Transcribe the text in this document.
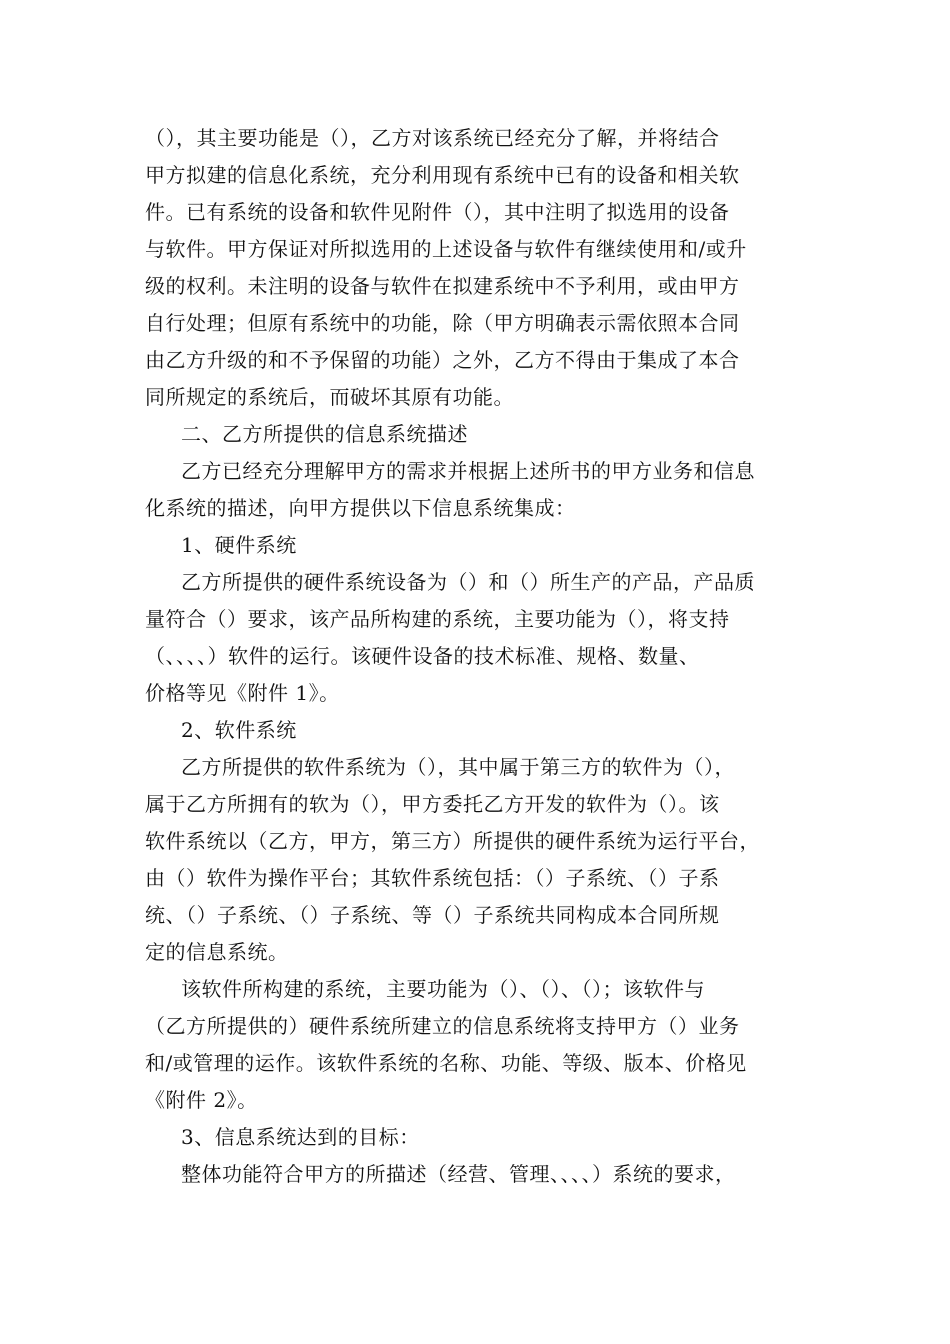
（），其主要功能是（），乙方对该系统已经充分了解，并将结合
甲方拟建的信息化系统，充分利用现有系统中已有的设备和相关软
件。已有系统的设备和软件见附件（），其中注明了拟选用的设备
与软件。甲方保证对所拟选用的上述设备与软件有继续使用和/或升
级的权利。未注明的设备与软件在拟建系统中不予利用，或由甲方
自行处理；但原有系统中的功能，除（甲方明确表示需依照本合同
由乙方升级的和不予保留的功能）之外，乙方不得由于集成了本合
同所规定的系统后，而破坏其原有功能。
二、乙方所提供的信息系统描述
乙方已经充分理解甲方的需求并根据上述所书的甲方业务和信息
化系统的描述，向甲方提供以下信息系统集成：
1、硬件系统
乙方所提供的硬件系统设备为（）和（）所生产的产品，产品质
量符合（）要求，该产品所构建的系统，主要功能为（），将支持
（、、、、）软件的运行。该硬件设备的技术标准、规格、数量、
价格等见《附件 1》。
2、软件系统
乙方所提供的软件系统为（），其中属于第三方的软件为（），
属于乙方所拥有的软为（），甲方委托乙方开发的软件为（）。该
软件系统以（乙方，甲方，第三方）所提供的硬件系统为运行平台，
由（）软件为操作平台；其软件系统包括：（）子系统、（）子系
统、（）子系统、（）子系统、等（）子系统共同构成本合同所规
定的信息系统。
该软件所构建的系统，主要功能为（）、（）、（）；该软件与
（乙方所提供的）硬件系统所建立的信息系统将支持甲方（）业务
和/或管理的运作。该软件系统的名称、功能、等级、版本、价格见
《附件 2》。
3、信息系统达到的目标：
整体功能符合甲方的所描述（经营、管理、、、、）系统的要求，
